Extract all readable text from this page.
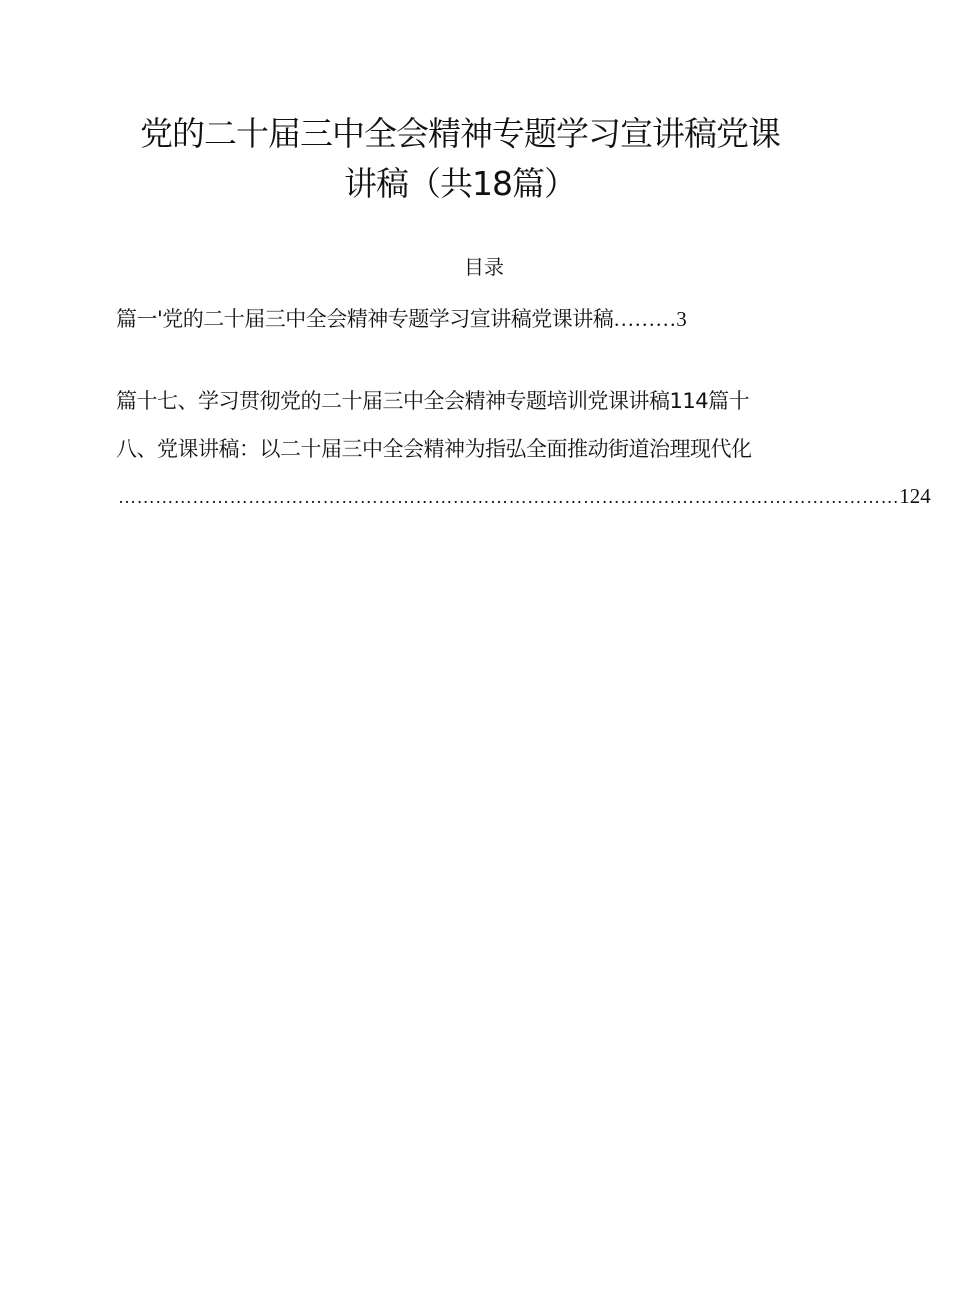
党的二十届三中全会精神专题学习宣讲稿党课
讲稿（共18篇）
目录
篇一'党的二十届三中全会精神专题学习宣讲稿党课讲稿………3
篇十七、学习贯彻党的二十届三中全会精神专题培训党课讲稿114篇十
八、党课讲稿：以二十届三中全会精神为指弘全面推动街道治理现代化
……………………………………………………………………………………………………………… 124
